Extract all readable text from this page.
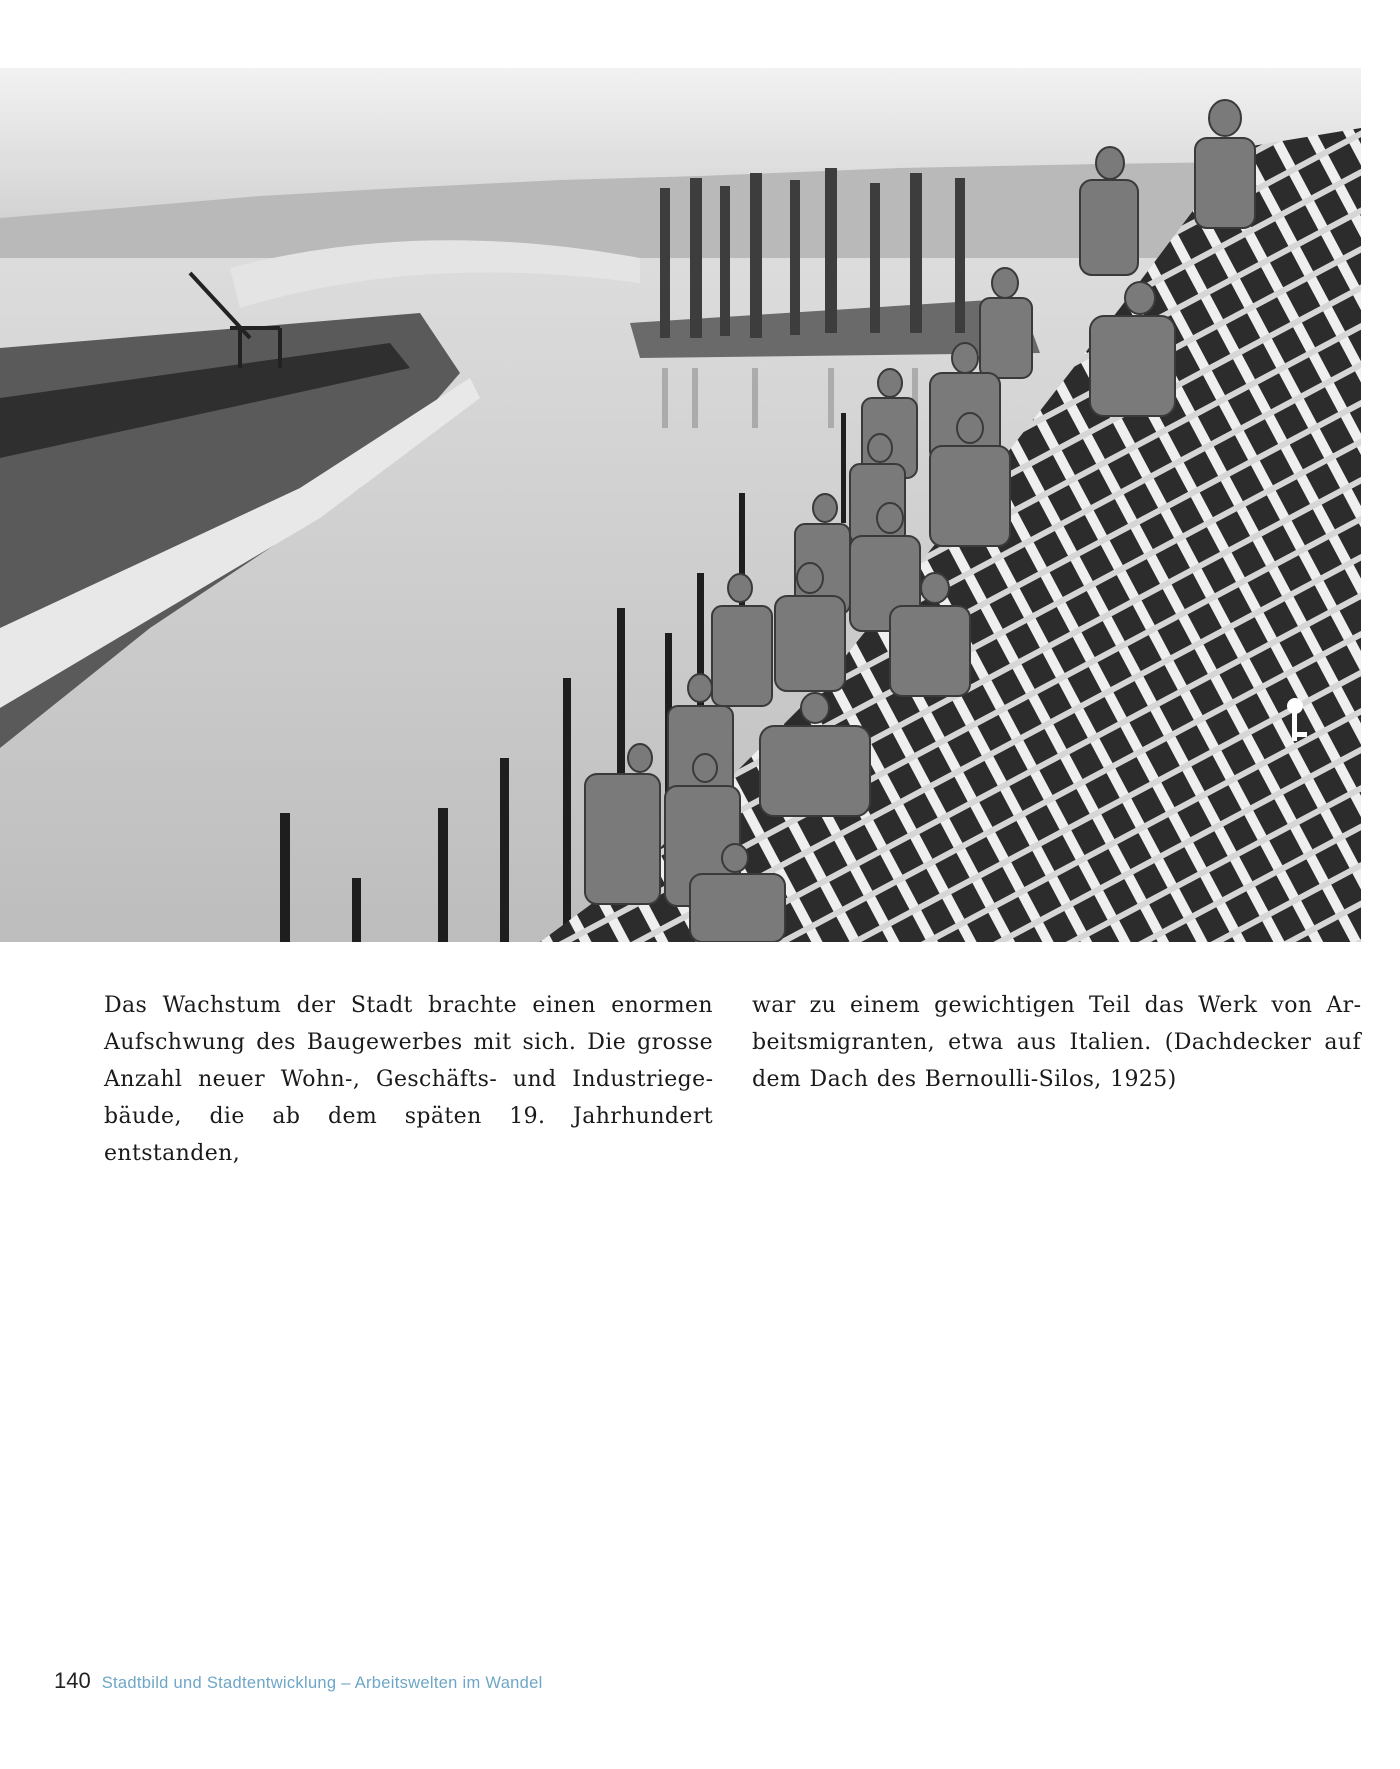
Das Wachstum der Stadt brachte einen enormen Aufschwung des Baugewerbes mit sich. Die grosse Anzahl neuer Wohn-, Geschäfts- und Industriegebäude, die ab dem späten 19. Jahrhundert entstanden,
war zu einem gewichtigen Teil das Werk von Arbeitsmigranten, etwa aus Italien. (Dachdecker auf dem Dach des Bernoulli-Silos, 1925)
140 Stadtbild und Stadtentwicklung – Arbeitswelten im Wandel
